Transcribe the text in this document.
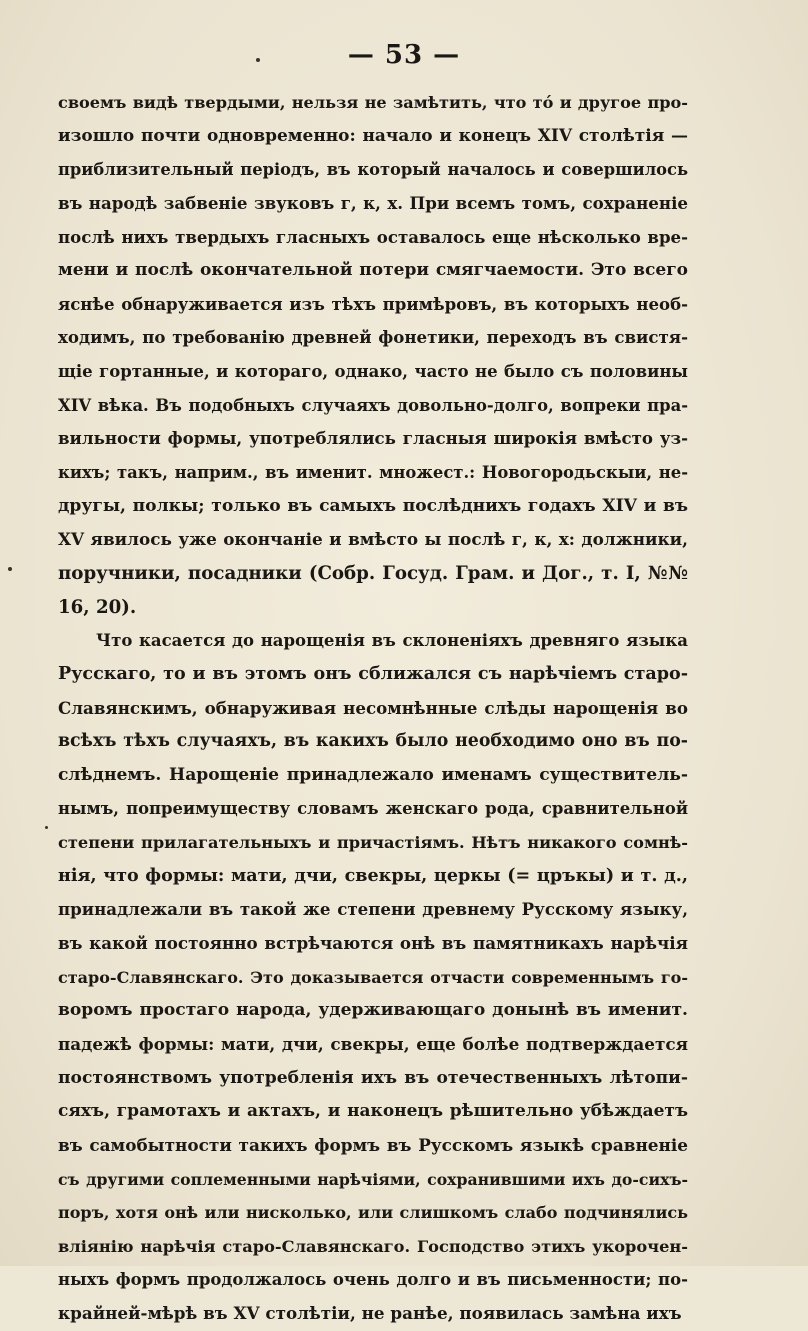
— 53 —
своемъ видѣ твердыми, нельзя не замѣтить, что то́ и другое про-
изошло почти одновременно: начало и конецъ XIV столѣтія —
приблизительный періодъ, въ который началось и совершилось
въ народѣ забвеніе звуковъ г, к, х. При всемъ томъ, сохраненіе
послѣ нихъ твердыхъ гласныхъ оставалось еще нѣсколько вре-
мени и послѣ окончательной потери смягчаемости. Это всего
яснѣе обнаруживается изъ тѣхъ примѣровъ, въ которыхъ необ-
ходимъ, по требованію древней фонетики, переходъ въ свистя-
щіе гортанные, и котораго, однако, часто не было съ половины
XIV вѣка. Въ подобныхъ случаяхъ довольно-долго, вопреки пра-
вильности формы, употреблялись гласныя широкія вмѣсто уз-
кихъ; такъ, наприм., въ именит. множест.: Новогородьскыи, не-
другы, полкы; только въ самыхъ послѣднихъ годахъ XIV и въ
XV явилось уже окончаніе и вмѣсто ы послѣ г, к, х: должники,
поручники, посадники (Собр. Госуд. Грам. и Дог., т. I, №№
16, 20).
Что касается до нарощенія въ склоненіяхъ древняго языка
Русскаго, то и въ этомъ онъ сближался съ нарѣчіемъ старо-
Славянскимъ, обнаруживая несомнѣнные слѣды нарощенія во
всѣхъ тѣхъ случаяхъ, въ какихъ было необходимо оно въ по-
слѣднемъ. Нарощеніе принадлежало именамъ существитель-
нымъ, попреимуществу словамъ женскаго рода, сравнительной
степени прилагательныхъ и причастіямъ. Нѣтъ никакого сомнѣ-
нія, что формы: мати, дчи, свекры, церкы (= цръкы) и т. д.,
принадлежали въ такой же степени древнему Русскому языку,
въ какой постоянно встрѣчаются онѣ въ памятникахъ нарѣчія
старо-Славянскаго. Это доказывается отчасти современнымъ го-
воромъ простаго народа, удерживающаго донынѣ въ именит.
падежѣ формы: мати, дчи, свекры, еще болѣе подтверждается
постоянствомъ употребленія ихъ въ отечественныхъ лѣтопи-
сяхъ, грамотахъ и актахъ, и наконецъ рѣшительно убѣждаетъ
въ самобытности такихъ формъ въ Русскомъ языкѣ сравненіе
съ другими соплеменными нарѣчіями, сохранившими ихъ до-сихъ-
поръ, хотя онѣ или нисколько, или слишкомъ слабо подчинялись
вліянію нарѣчія старо-Славянскаго. Господство этихъ укорочен-
ныхъ формъ продолжалось очень долго и въ письменности; по-
крайней-мѣрѣ въ XV столѣтіи, не ранѣе, появилась замѣна ихъ
